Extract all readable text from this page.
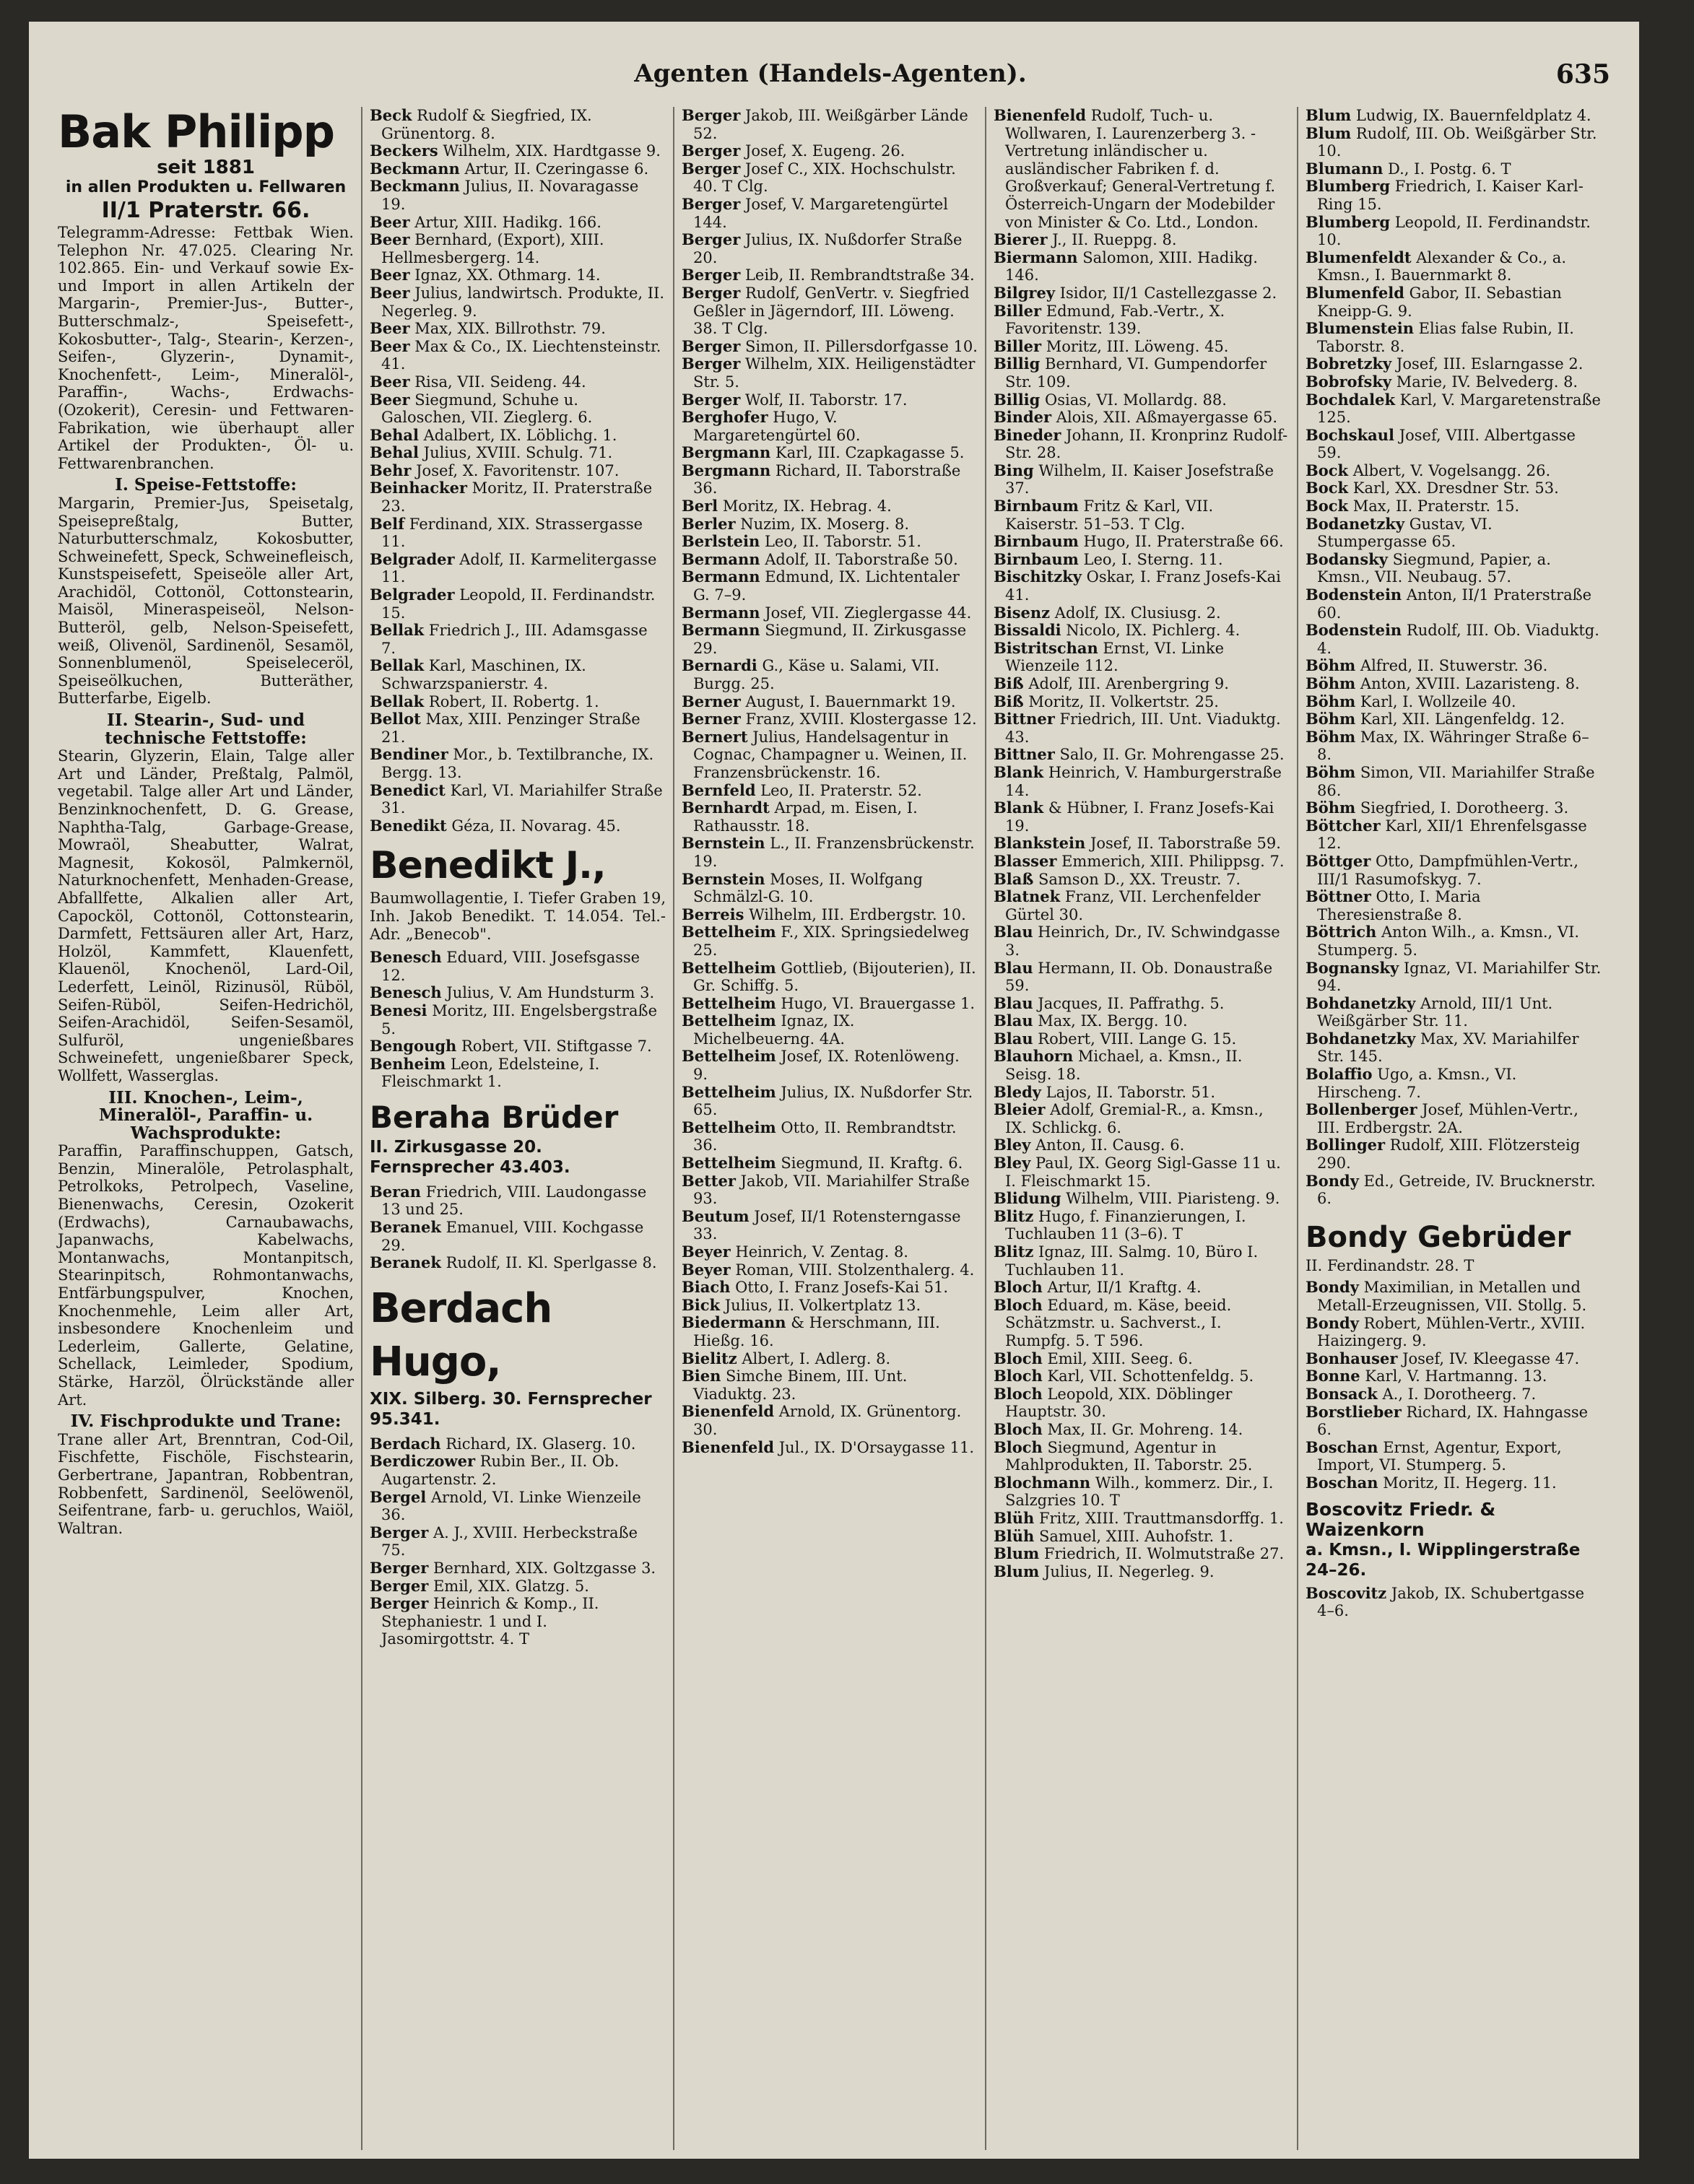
Agenten (Handels-Agenten).	635

Bak Philipp

seit 1881

in allen Produkten u. Fellwaren

II/1 Praterstr. 66.

Telegramm-Adresse: Fettbak Wien. Telephon Nr. 47.025. Clearing Nr. 102.865. Ein- und Verkauf sowie Ex- und Import in allen Artikeln der Margarin-, Premier-Jus-, Butter-, Butterschmalz-, Speisefett-, Kokosbutter-, Talg-, Stearin-, Kerzen-, Seifen-, Glyzerin-, Dynamit-, Knochenfett-, Leim-, Mineralöl-, Paraffin-, Wachs-, Erdwachs- (Ozokerit), Ceresin- und Fettwaren-Fabrikation, wie überhaupt aller Artikel der Produkten-, Öl- u. Fettwarenbranchen.

I. Speise-Fettstoffe:

Margarin, Premier-Jus, Speisetalg, Speisepreßtalg, Butter, Naturbutterschmalz, Kokosbutter, Schweinefett, Speck, Schweinefleisch, Kunstspeisefett, Speiseöle aller Art, Arachidöl, Cottonöl, Cottonstearin, Maisöl, Mineraspeiseöl, Nelson-Butteröl, gelb, Nelson-Speisefett, weiß, Olivenöl, Sardinenöl, Sesamöl, Sonnenblumenöl, Speiseleceröl, Speiseölkuchen, Butteräther, Butterfarbe, Eigelb.

II. Stearin-, Sud- und technische Fettstoffe:

Stearin, Glyzerin, Elain, Talge aller Art und Länder, Preßtalg, Palmöl, vegetabil. Talge aller Art und Länder, Benzinknochenfett, D. G. Grease, Naphtha-Talg, Garbage-Grease, Mowraöl, Sheabutter, Walrat, Magnesit, Kokosöl, Palmkernöl, Naturknochenfett, Menhaden-Grease, Abfallfette, Alkalien aller Art, Capocköl, Cottonöl, Cottonstearin, Darmfett, Fettsäuren aller Art, Harz, Holzöl, Kammfett, Klauenfett, Klauenöl, Knochenöl, Lard-Oil, Lederfett, Leinöl, Rizinusöl, Rüböl, Seifen-Rüböl, Seifen-Hedrichöl, Seifen-Arachidöl, Seifen-Sesamöl, Sulfuröl, ungenießbares Schweinefett, ungenießbarer Speck, Wollfett, Wasserglas.

III. Knochen-, Leim-, Mineralöl-, Paraffin- u. Wachsprodukte:

Paraffin, Paraffinschuppen, Gatsch, Benzin, Mineralöle, Petrolasphalt, Petrolkoks, Petrolpech, Vaseline, Bienenwachs, Ceresin, Ozokerit (Erdwachs), Carnaubawachs, Japanwachs, Kabelwachs, Montanwachs, Montanpitsch, Stearinpitsch, Rohmontanwachs, Entfärbungspulver, Knochen, Knochenmehle, Leim aller Art, insbesondere Knochenleim und Lederleim, Gallerte, Gelatine, Schellack, Leimleder, Spodium, Stärke, Harzöl, Ölrückstände aller Art.

IV. Fischprodukte und Trane:

Trane aller Art, Brenntran, Cod-Oil, Fischfette, Fischöle, Fischstearin, Gerbertrane, Japantran, Robbentran, Robbenfett, Sardinenöl, Seelöwenöl, Seifentrane, farb- u. geruchlos, Waiöl, Waltran.

Beck Rudolf & Siegfried, IX. Grünentorg. 8.

Beckers Wilhelm, XIX. Hardtgasse 9.

Beckmann Artur, II. Czeringasse 6.

Beckmann Julius, II. Novaragasse 19.

Beer Artur, XIII. Hadikg. 166.

Beer Bernhard, (Export), XIII. Hellmesbergerg. 14.

Beer Ignaz, XX. Othmarg. 14.

Beer Julius, landwirtsch. Produkte, II. Negerleg. 9.

Beer Max, XIX. Billrothstr. 79.

Beer Max & Co., IX. Liechtensteinstr. 41.

Beer Risa, VII. Seideng. 44.

Beer Siegmund, Schuhe u. Galoschen, VII. Zieglerg. 6.

Behal Adalbert, IX. Löblichg. 1.

Behal Julius, XVIII. Schulg. 71.

Behr Josef, X. Favoritenstr. 107.

Beinhacker Moritz, II. Praterstraße 23.

Belf Ferdinand, XIX. Strassergasse 11.

Belgrader Adolf, II. Karmelitergasse 11.

Belgrader Leopold, II. Ferdinandstr. 15.

Bellak Friedrich J., III. Adamsgasse 7.

Bellak Karl, Maschinen, IX. Schwarzspanierstr. 4.

Bellak Robert, II. Robertg. 1.

Bellot Max, XIII. Penzinger Straße 21.

Bendiner Mor., b. Textilbranche, IX. Bergg. 13.

Benedict Karl, VI. Mariahilfer Straße 31.

Benedikt Géza, II. Novarag. 45.

Benedikt J.,

Baumwollagentie, I. Tiefer Graben 19, Inh. Jakob Benedikt. T. 14.054. Tel.-Adr. „Benecob".

Benesch Eduard, VIII. Josefsgasse 12.

Benesch Julius, V. Am Hundsturm 3.

Benesi Moritz, III. Engelsbergstraße 5.

Bengough Robert, VII. Stiftgasse 7.

Benheim Leon, Edelsteine, I. Fleischmarkt 1.

Beraha Brüder

II. Zirkusgasse 20. Fernsprecher 43.403.

Beran Friedrich, VIII. Laudongasse 13 und 25.

Beranek Emanuel, VIII. Kochgasse 29.

Beranek Rudolf, II. Kl. Sperlgasse 8.

Berdach Hugo,

XIX. Silberg. 30. Fernsprecher 95.341.

Berdach Richard, IX. Glaserg. 10.

Berdiczower Rubin Ber., II. Ob. Augartenstr. 2.

Bergel Arnold, VI. Linke Wienzeile 36.

Berger A. J., XVIII. Herbeckstraße 75.

Berger Bernhard, XIX. Goltzgasse 3.

Berger Emil, XIX. Glatzg. 5.

Berger Heinrich & Komp., II. Stephaniestr. 1 und I. Jasomirgottstr. 4. T

Berger Jakob, III. Weißgärber Lände 52.

Berger Josef, X. Eugeng. 26.

Berger Josef C., XIX. Hochschulstr. 40. T Clg.

Berger Josef, V. Margaretengürtel 144.

Berger Julius, IX. Nußdorfer Straße 20.

Berger Leib, II. Rembrandtstraße 34.

Berger Rudolf, GenVertr. v. Siegfried Geßler in Jägerndorf, III. Löweng. 38. T Clg.

Berger Simon, II. Pillersdorfgasse 10.

Berger Wilhelm, XIX. Heiligenstädter Str. 5.

Berger Wolf, II. Taborstr. 17.

Berghofer Hugo, V. Margaretengürtel 60.

Bergmann Karl, III. Czapkagasse 5.

Bergmann Richard, II. Taborstraße 36.

Berl Moritz, IX. Hebrag. 4.

Berler Nuzim, IX. Moserg. 8.

Berlstein Leo, II. Taborstr. 51.

Bermann Adolf, II. Taborstraße 50.

Bermann Edmund, IX. Lichtentaler G. 7–9.

Bermann Josef, VII. Zieglergasse 44.

Bermann Siegmund, II. Zirkusgasse 29.

Bernardi G., Käse u. Salami, VII. Burgg. 25.

Berner August, I. Bauernmarkt 19.

Berner Franz, XVIII. Klostergasse 12.

Bernert Julius, Handelsagentur in Cognac, Champagner u. Weinen, II. Franzensbrückenstr. 16.

Bernfeld Leo, II. Praterstr. 52.

Bernhardt Arpad, m. Eisen, I. Rathausstr. 18.

Bernstein L., II. Franzensbrückenstr. 19.

Bernstein Moses, II. Wolfgang Schmälzl-G. 10.

Berreis Wilhelm, III. Erdbergstr. 10.

Bettelheim F., XIX. Springsiedelweg 25.

Bettelheim Gottlieb, (Bijouterien), II. Gr. Schiffg. 5.

Bettelheim Hugo, VI. Brauergasse 1.

Bettelheim Ignaz, IX. Michelbeuerng. 4A.

Bettelheim Josef, IX. Rotenlöweng. 9.

Bettelheim Julius, IX. Nußdorfer Str. 65.

Bettelheim Otto, II. Rembrandtstr. 36.

Bettelheim Siegmund, II. Kraftg. 6.

Better Jakob, VII. Mariahilfer Straße 93.

Beutum Josef, II/1 Rotensterngasse 33.

Beyer Heinrich, V. Zentag. 8.

Beyer Roman, VIII. Stolzenthalerg. 4.

Biach Otto, I. Franz Josefs-Kai 51.

Bick Julius, II. Volkertplatz 13.

Biedermann & Herschmann, III. Hießg. 16.

Bielitz Albert, I. Adlerg. 8.

Bien Simche Binem, III. Unt. Viaduktg. 23.

Bienenfeld Arnold, IX. Grünentorg. 30.

Bienenfeld Jul., IX. D'Orsaygasse 11.

Bienenfeld Rudolf, Tuch- u. Wollwaren, I. Laurenzerberg 3. -Vertretung inländischer u. ausländischer Fabriken f. d. Großverkauf; General-Vertretung f. Österreich-Ungarn der Modebilder von Minister & Co. Ltd., London.

Bierer J., II. Rueppg. 8.

Biermann Salomon, XIII. Hadikg. 146.

Bilgrey Isidor, II/1 Castellezgasse 2.

Biller Edmund, Fab.-Vertr., X. Favoritenstr. 139.

Biller Moritz, III. Löweng. 45.

Billig Bernhard, VI. Gumpendorfer Str. 109.

Billig Osias, VI. Mollardg. 88.

Binder Alois, XII. Aßmayergasse 65.

Bineder Johann, II. Kronprinz Rudolf-Str. 28.

Bing Wilhelm, II. Kaiser Josefstraße 37.

Birnbaum Fritz & Karl, VII. Kaiserstr. 51–53. T Clg.

Birnbaum Hugo, II. Praterstraße 66.

Birnbaum Leo, I. Sterng. 11.

Bischitzky Oskar, I. Franz Josefs-Kai 41.

Bisenz Adolf, IX. Clusiusg. 2.

Bissaldi Nicolo, IX. Pichlerg. 4.

Bistritschan Ernst, VI. Linke Wienzeile 112.

Biß Adolf, III. Arenbergring 9.

Biß Moritz, II. Volkertstr. 25.

Bittner Friedrich, III. Unt. Viaduktg. 43.

Bittner Salo, II. Gr. Mohrengasse 25.

Blank Heinrich, V. Hamburgerstraße 14.

Blank & Hübner, I. Franz Josefs-Kai 19.

Blankstein Josef, II. Taborstraße 59.

Blasser Emmerich, XIII. Philippsg. 7.

Blaß Samson D., XX. Treustr. 7.

Blatnek Franz, VII. Lerchenfelder Gürtel 30.

Blau Heinrich, Dr., IV. Schwindgasse 3.

Blau Hermann, II. Ob. Donaustraße 59.

Blau Jacques, II. Paffrathg. 5.

Blau Max, IX. Bergg. 10.

Blau Robert, VIII. Lange G. 15.

Blauhorn Michael, a. Kmsn., II. Seisg. 18.

Bledy Lajos, II. Taborstr. 51.

Bleier Adolf, Gremial-R., a. Kmsn., IX. Schlickg. 6.

Bley Anton, II. Causg. 6.

Bley Paul, IX. Georg Sigl-Gasse 11 u. I. Fleischmarkt 15.

Blidung Wilhelm, VIII. Piaristeng. 9.

Blitz Hugo, f. Finanzierungen, I. Tuchlauben 11 (3–6). T

Blitz Ignaz, III. Salmg. 10, Büro I. Tuchlauben 11.

Bloch Artur, II/1 Kraftg. 4.

Bloch Eduard, m. Käse, beeid. Schätzmstr. u. Sachverst., I. Rumpfg. 5. T 596.

Bloch Emil, XIII. Seeg. 6.

Bloch Karl, VII. Schottenfeldg. 5.

Bloch Leopold, XIX. Döblinger Hauptstr. 30.

Bloch Max, II. Gr. Mohreng. 14.

Bloch Siegmund, Agentur in Mahlprodukten, II. Taborstr. 25.

Blochmann Wilh., kommerz. Dir., I. Salzgries 10. T

Blüh Fritz, XIII. Trauttmansdorffg. 1.

Blüh Samuel, XIII. Auhofstr. 1.

Blum Friedrich, II. Wolmutstraße 27.

Blum Julius, II. Negerleg. 9.

Blum Ludwig, IX. Bauernfeldplatz 4.

Blum Rudolf, III. Ob. Weißgärber Str. 10.

Blumann D., I. Postg. 6. T

Blumberg Friedrich, I. Kaiser Karl-Ring 15.

Blumberg Leopold, II. Ferdinandstr. 10.

Blumenfeldt Alexander & Co., a. Kmsn., I. Bauernmarkt 8.

Blumenfeld Gabor, II. Sebastian Kneipp-G. 9.

Blumenstein Elias false Rubin, II. Taborstr. 8.

Bobretzky Josef, III. Eslarngasse 2.

Bobrofsky Marie, IV. Belvederg. 8.

Bochdalek Karl, V. Margaretenstraße 125.

Bochskaul Josef, VIII. Albertgasse 59.

Bock Albert, V. Vogelsangg. 26.

Bock Karl, XX. Dresdner Str. 53.

Bock Max, II. Praterstr. 15.

Bodanetzky Gustav, VI. Stumpergasse 65.

Bodansky Siegmund, Papier, a. Kmsn., VII. Neubaug. 57.

Bodenstein Anton, II/1 Praterstraße 60.

Bodenstein Rudolf, III. Ob. Viaduktg. 4.

Böhm Alfred, II. Stuwerstr. 36.

Böhm Anton, XVIII. Lazaristeng. 8.

Böhm Karl, I. Wollzeile 40.

Böhm Karl, XII. Längenfeldg. 12.

Böhm Max, IX. Währinger Straße 6–8.

Böhm Simon, VII. Mariahilfer Straße 86.

Böhm Siegfried, I. Dorotheerg. 3.

Böttcher Karl, XII/1 Ehrenfelsgasse 12.

Böttger Otto, Dampfmühlen-Vertr., III/1 Rasumofskyg. 7.

Böttner Otto, I. Maria Theresienstraße 8.

Böttrich Anton Wilh., a. Kmsn., VI. Stumperg. 5.

Bognansky Ignaz, VI. Mariahilfer Str. 94.

Bohdanetzky Arnold, III/1 Unt. Weißgärber Str. 11.

Bohdanetzky Max, XV. Mariahilfer Str. 145.

Bolaffio Ugo, a. Kmsn., VI. Hirscheng. 7.

Bollenberger Josef, Mühlen-Vertr., III. Erdbergstr. 2A.

Bollinger Rudolf, XIII. Flötzersteig 290.

Bondy Ed., Getreide, IV. Brucknerstr. 6.

Bondy Gebrüder

II. Ferdinandstr. 28. T

Bondy Maximilian, in Metallen und Metall-Erzeugnissen, VII. Stollg. 5.

Bondy Robert, Mühlen-Vertr., XVIII. Haizingerg. 9.

Bonhauser Josef, IV. Kleegasse 47.

Bonne Karl, V. Hartmanng. 13.

Bonsack A., I. Dorotheerg. 7.

Borstlieber Richard, IX. Hahngasse 6.

Boschan Ernst, Agentur, Export, Import, VI. Stumperg. 5.

Boschan Moritz, II. Hegerg. 11.

Boscovitz Friedr. & Waizenkorn

a. Kmsn., I. Wipplingerstraße 24–26.

Boscovitz Jakob, IX. Schubertgasse 4–6.
